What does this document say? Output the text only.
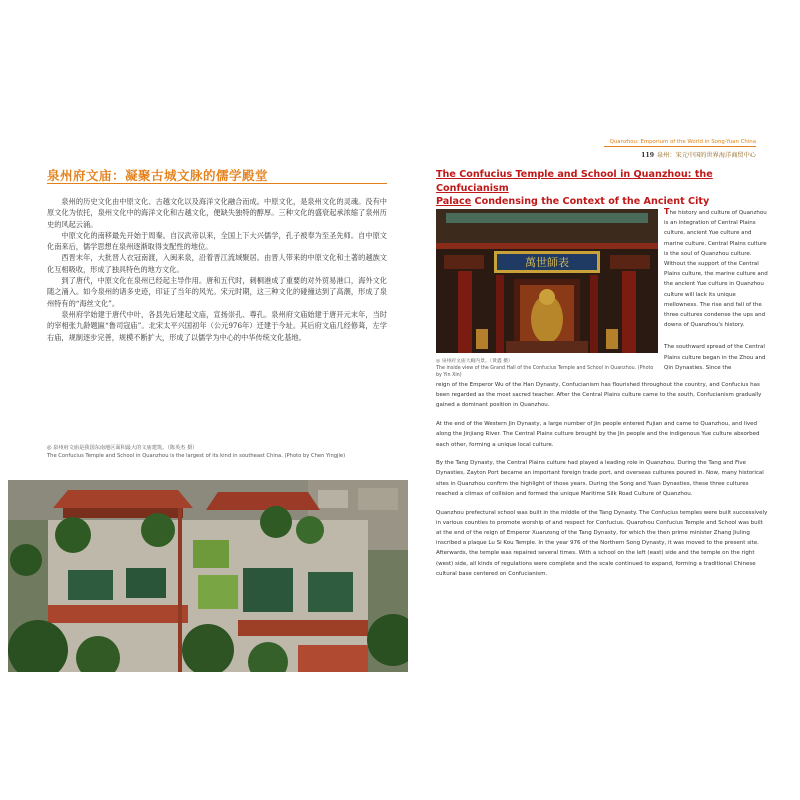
泉州府文庙：凝聚古城文脉的儒学殿堂

泉州的历史文化由中原文化、古越文化以及海洋文化融合而成。中原文化，是泉州文化的灵魂。没有中原文化为依托，泉州文化中的海洋文化和古越文化，便缺失独特的醇厚。三种文化的盛衰起承浓缩了泉州历史的风起云涌。

中原文化的南移最先开始于周秦。自汉武帝以来，全国上下大兴儒学，孔子被奉为至圣先师。自中原文化南来后，儒学思想在泉州逐渐取得支配性的地位。

西晋末年，大批晋人衣冠南渡，入闽来泉，沿着晋江流域聚居。由晋人带来的中原文化和土著的越族文化互相吸收，形成了独具特色的地方文化。

到了唐代，中原文化在泉州已经起主导作用。唐和五代时，刺桐港成了重要的对外贸易港口，海外文化随之涌入。如今泉州的诸多史迹，印证了当年的风光。宋元时期，这三种文化的碰撞达到了高潮，形成了泉州特有的“海丝文化”。

泉州府学始建于唐代中叶，各县先后建起文庙，宣扬崇孔、尊孔。泉州府文庙始建于唐开元末年，当时的宰相张九龄题匾“鲁司寇庙”。北宋太平兴国初年（公元976年）迁建于今址。其后府文庙几经修葺，左学右庙，规制逐步完善，规模不断扩大，形成了以儒学为中心的中华传统文化基地。

◎ 泉州府文庙是我国东南地区面积最大的文庙建筑。（陈英杰 摄）
The Confucius Temple and School in Quanzhou is the largest of its kind in southeast China. (Photo by Chen Yingjie)
Quanzhou: Emporium of the World in Song-Yuan China
119 泉州：宋元中国的世界海洋商贸中心
The Confucius Temple and School in Quanzhou: the Confucianism
Palace Condensing the Context of the Ancient City
萬世師表
◎ 泉州府文庙大殿内景。（黄鑫 摄）
The inside view of the Grand Hall of the Confucius Temple and School in Quanzhou. (Photo by Yin Xin)
The history and culture of Quanzhou is an integration of Central Plains culture, ancient Yue culture and marine culture. Central Plains culture is the soul of Quanzhou culture. Without the support of the Central Plains culture, the marine culture and the ancient Yue culture in Quanzhou culture will lack its unique mellowness. The rise and fall of the three cultures condense the ups and downs of Quanzhou's history.
The southward spread of the Central Plains culture began in the Zhou and Qin Dynasties. Since the

reign of the Emperor Wu of the Han Dynasty, Confucianism has flourished throughout the country, and Confucius has been regarded as the most sacred teacher. After the Central Plains culture came to the south, Confucianism gradually gained a dominant position in Quanzhou.

At the end of the Western Jin Dynasty, a large number of Jin people entered Fujian and came to Quanzhou, and lived along the Jinjiang River. The Central Plains culture brought by the Jin people and the indigenous Yue culture absorbed each other, forming a unique local culture.

By the Tang Dynasty, the Central Plains culture had played a leading role in Quanzhou. During the Tang and Five Dynasties, Zayton Port became an important foreign trade port, and overseas cultures poured in. Now, many historical sites in Quanzhou confirm the highlight of those years. During the Song and Yuan Dynasties, these three cultures reached a climax of collision and formed the unique Maritime Silk Road Culture of Quanzhou.

Quanzhou prefectural school was built in the middle of the Tang Dynasty. The Confucius temples were built successively in various counties to promote worship of and respect for Confucius. Quanzhou Confucius Temple and School was built at the end of the reign of Emperor Xuanzong of the Tang Dynasty, for which the then prime minister Zhang Jiuling inscribed a plaque Lu Si Kou Temple. In the year 976 of the Northern Song Dynasty, it was moved to the present site. Afterwards, the temple was repaired several times. With a school on the left (east) side and the temple on the right (west) side, all kinds of regulations were complete and the scale continued to expand, forming a traditional Chinese cultural base centered on Confucianism.
